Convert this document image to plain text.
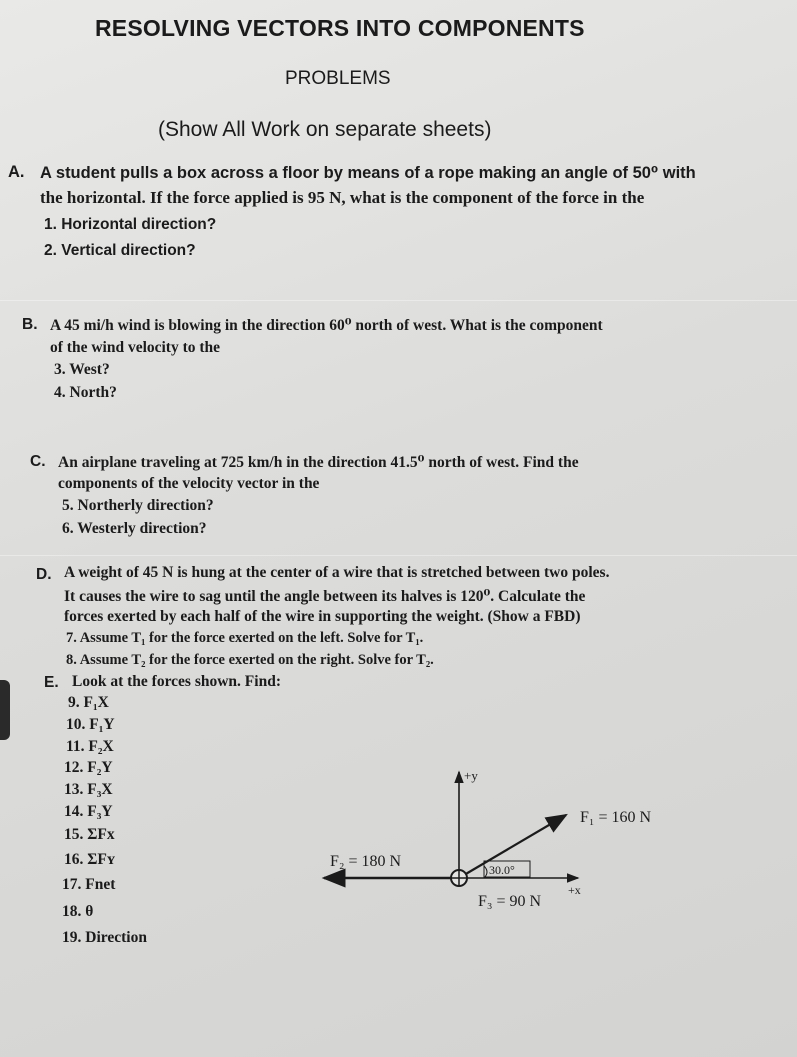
RESOLVING VECTORS INTO COMPONENTS
PROBLEMS
(Show All Work on separate sheets)
A. A student pulls a box across a floor by means of a rope making an angle of 50⁰ with
the horizontal. If the force applied is 95 N, what is the component of the force in the
1. Horizontal direction?
2. Vertical direction?
B. A 45 mi/h wind is blowing in the direction 60⁰ north of west. What is the component
of the wind velocity to the
3. West?
4. North?
C. An airplane traveling at 725 km/h in the direction 41.5⁰ north of west. Find the
components of the velocity vector in the
5. Northerly direction?
6. Westerly direction?
D. A weight of 45 N is hung at the center of a wire that is stretched between two poles.
It causes the wire to sag until the angle between its halves is 120⁰. Calculate the
forces exerted by each half of the wire in supporting the weight. (Show a FBD)
7. Assume T₁ for the force exerted on the left. Solve for T₁.
8. Assume T₂ for the force exerted on the right. Solve for T₂.
E. Look at the forces shown. Find:
9. F₁X
10. F₁Y
11. F₂X
12. F₂Y
13. F₃X
14. F₃Y
15. ΣFx
16. ΣFʏ
17. Fnet
18. θ
19. Direction
+y
+x
F₁ = 160 N
F₂ = 180 N
F₃ = 90 N
30.0°
